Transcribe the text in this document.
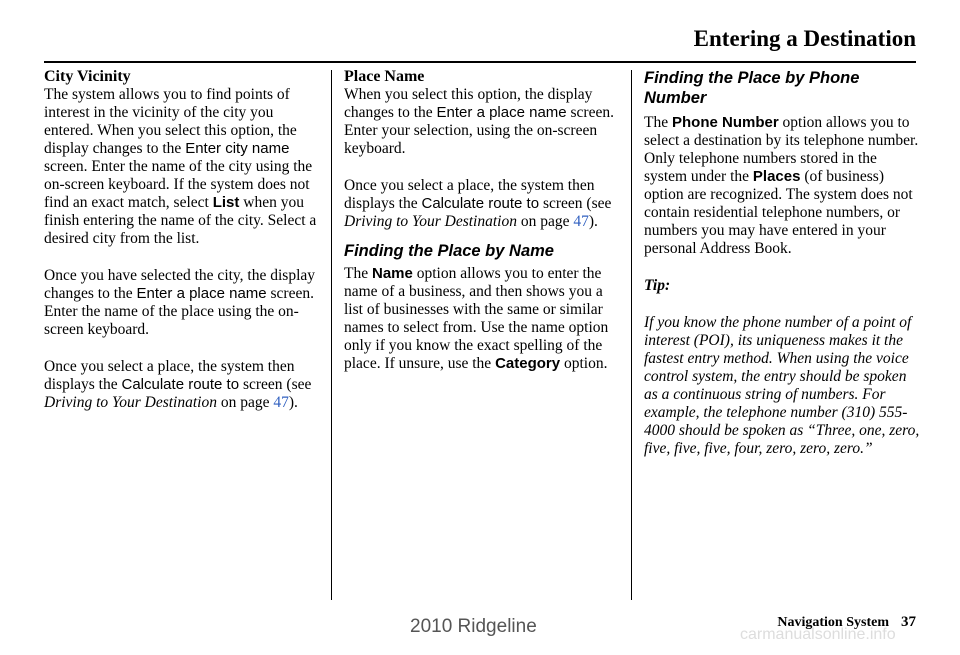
Entering a Destination
City Vicinity

The system allows you to find points of interest in the vicinity of the city you entered. When you select this option, the display changes to the Enter city name screen. Enter the name of the city using the on-screen keyboard. If the system does not find an exact match, select List when you finish entering the name of the city. Select a desired city from the list.

Once you have selected the city, the display changes to the Enter a place name screen. Enter the name of the place using the on-screen keyboard.

Once you select a place, the system then displays the Calculate route to screen (see Driving to Your Destination on page 47).

Place Name

When you select this option, the display changes to the Enter a place name screen. Enter your selection, using the on-screen keyboard.

Once you select a place, the system then displays the Calculate route to screen (see Driving to Your Destination on page 47).

Finding the Place by Name

The Name option allows you to enter the name of a business, and then shows you a list of businesses with the same or similar names to select from. Use the name option only if you know the exact spelling of the place. If unsure, use the Category option.

Finding the Place by Phone Number

The Phone Number option allows you to select a destination by its telephone number. Only telephone numbers stored in the system under the Places (of business) option are recognized. The system does not contain residential telephone numbers, or numbers you may have entered in your personal Address Book.

Tip:

If you know the phone number of a point of interest (POI), its uniqueness makes it the fastest entry method. When using the voice control system, the entry should be spoken as a continuous string of numbers. For example, the telephone number (310) 555-4000 should be spoken as “Three, one, zero, five, five, five, four, zero, zero, zero.”

Navigation System 37
2010 Ridgeline	carmanualsonline.info
